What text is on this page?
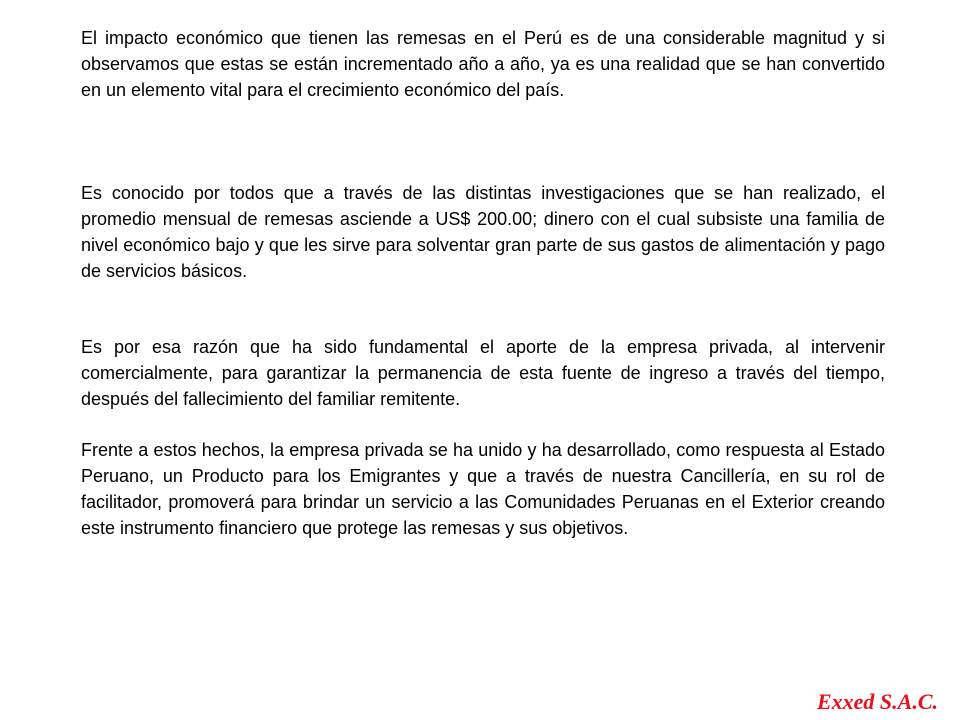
El impacto económico que tienen las remesas en el Perú es de una considerable magnitud y si observamos que estas se están incrementado año a año, ya es una realidad que se han convertido en un elemento vital para el crecimiento económico del país.

Es conocido por todos que a través de las distintas investigaciones que se han realizado, el promedio mensual de remesas asciende a US$ 200.00; dinero con el cual subsiste una familia de nivel económico bajo y que les sirve para solventar gran parte de sus gastos de alimentación y pago de servicios básicos.

Es por esa razón que ha sido fundamental el aporte de la empresa privada, al intervenir comercialmente, para garantizar la permanencia de esta fuente de ingreso a través del tiempo, después del fallecimiento del familiar remitente.

Frente a estos hechos, la empresa privada se ha unido y ha desarrollado, como respuesta al Estado Peruano, un Producto para los Emigrantes y que a través de nuestra Cancillería, en su rol de facilitador, promoverá para brindar un servicio a las Comunidades Peruanas en el Exterior creando este instrumento financiero que protege las remesas y sus objetivos.

Exxed S.A.C.
